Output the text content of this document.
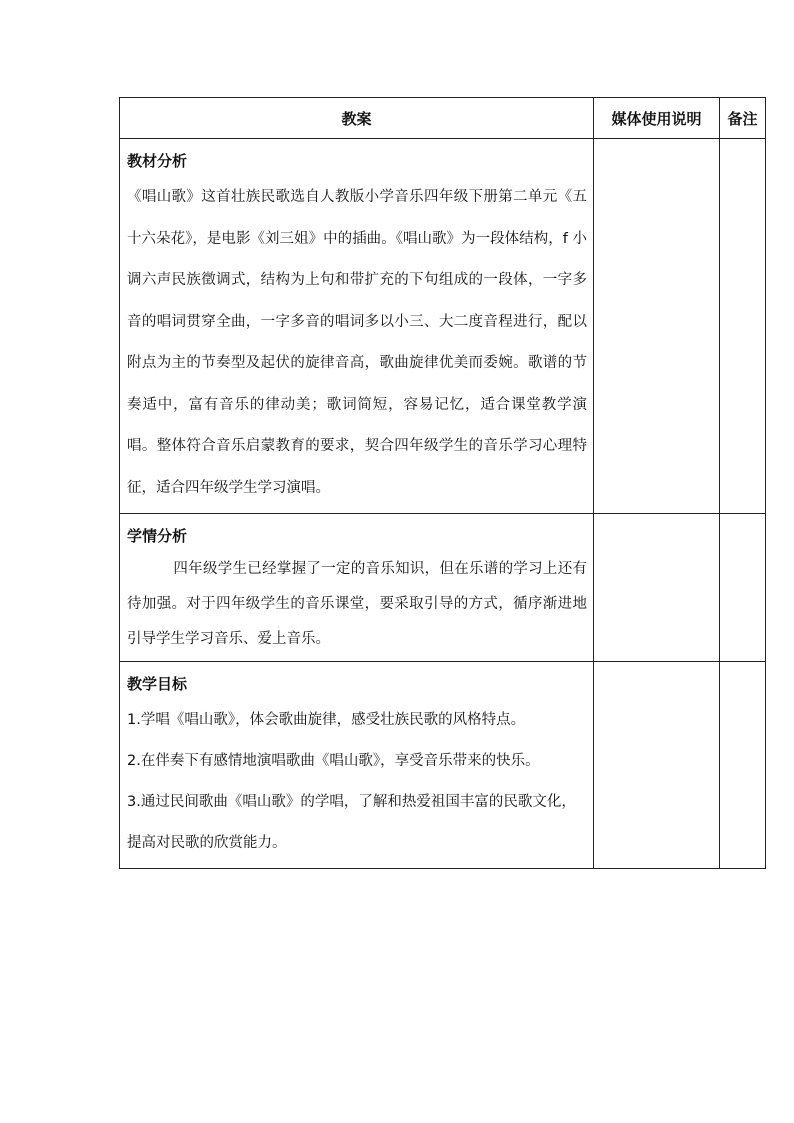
教案	媒体使用说明	备注

教材分析

《唱山歌》这首壮族民歌选自人教版小学音乐四年级下册第二单元《五十六朵花》，是电影《刘三姐》中的插曲。《唱山歌》为一段体结构，f 小调六声民族徵调式，结构为上句和带扩充的下句组成的一段体，一字多音的唱词贯穿全曲，一字多音的唱词多以小三、大二度音程进行，配以附点为主的节奏型及起伏的旋律音高，歌曲旋律优美而委婉。歌谱的节奏适中，富有音乐的律动美；歌词简短，容易记忆，适合课堂教学演唱。整体符合音乐启蒙教育的要求，契合四年级学生的音乐学习心理特征，适合四年级学生学习演唱。		

学情分析

四年级学生已经掌握了一定的音乐知识，但在乐谱的学习上还有待加强。对于四年级学生的音乐课堂，要采取引导的方式，循序渐进地引导学生学习音乐、爱上音乐。		

教学目标

1.学唱《唱山歌》，体会歌曲旋律，感受壮族民歌的风格特点。

2.在伴奏下有感情地演唱歌曲《唱山歌》，享受音乐带来的快乐。

3.通过民间歌曲《唱山歌》的学唱，了解和热爱祖国丰富的民歌文化，提高对民歌的欣赏能力。		
